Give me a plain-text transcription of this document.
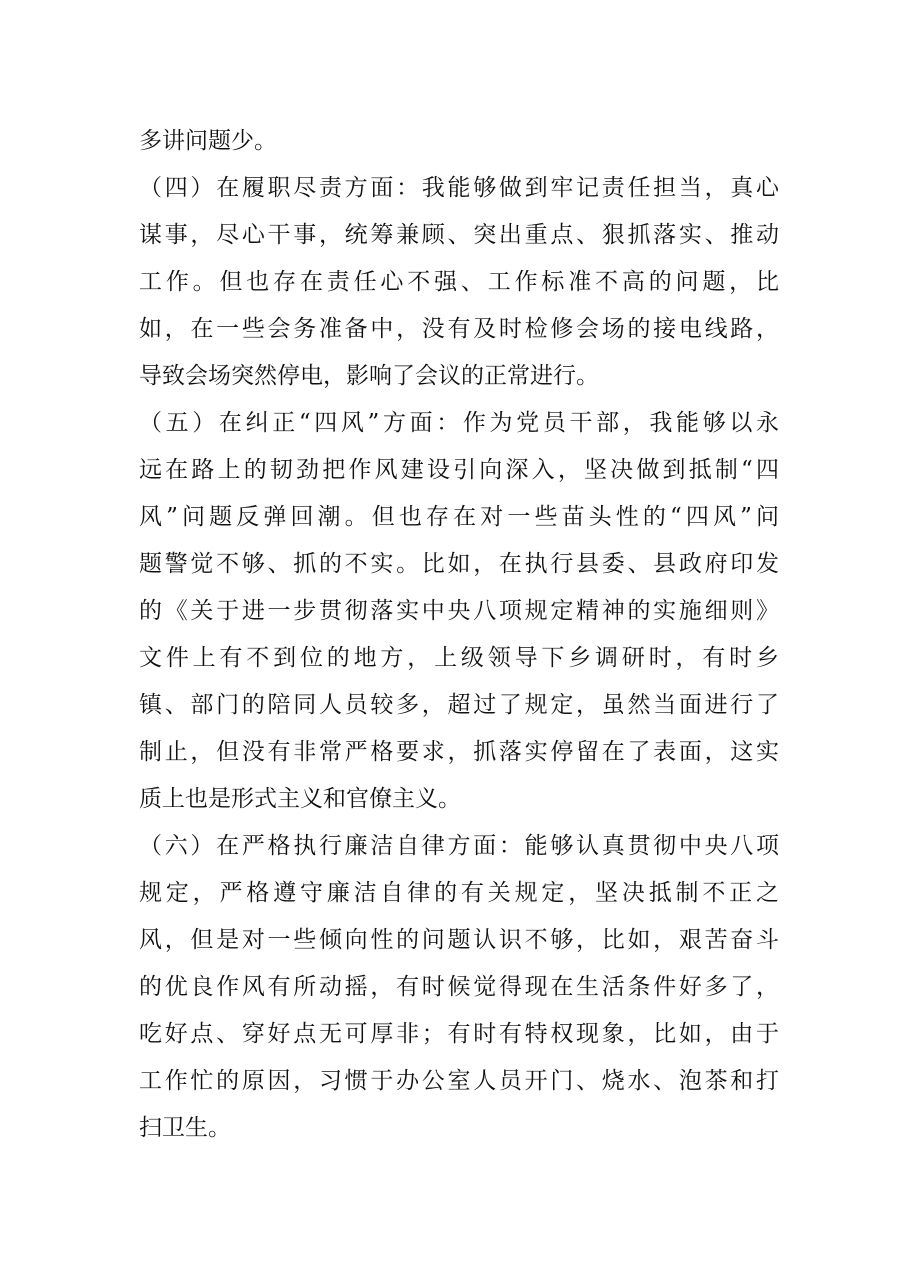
多讲问题少。
（四）在履职尽责方面：我能够做到牢记责任担当，真心
谋事，尽心干事，统筹兼顾、突出重点、狠抓落实、推动
工作。但也存在责任心不强、工作标准不高的问题，比
如，在一些会务准备中，没有及时检修会场的接电线路，
导致会场突然停电，影响了会议的正常进行。
（五）在纠正“四风”方面：作为党员干部，我能够以永
远在路上的韧劲把作风建设引向深入，坚决做到抵制“四
风”问题反弹回潮。但也存在对一些苗头性的“四风”问
题警觉不够、抓的不实。比如，在执行县委、县政府印发
的《关于进一步贯彻落实中央八项规定精神的实施细则》
文件上有不到位的地方，上级领导下乡调研时，有时乡
镇、部门的陪同人员较多，超过了规定，虽然当面进行了
制止，但没有非常严格要求，抓落实停留在了表面，这实
质上也是形式主义和官僚主义。
（六）在严格执行廉洁自律方面：能够认真贯彻中央八项
规定，严格遵守廉洁自律的有关规定，坚决抵制不正之
风，但是对一些倾向性的问题认识不够，比如，艰苦奋斗
的优良作风有所动摇，有时候觉得现在生活条件好多了，
吃好点、穿好点无可厚非；有时有特权现象，比如，由于
工作忙的原因，习惯于办公室人员开门、烧水、泡茶和打
扫卫生。
